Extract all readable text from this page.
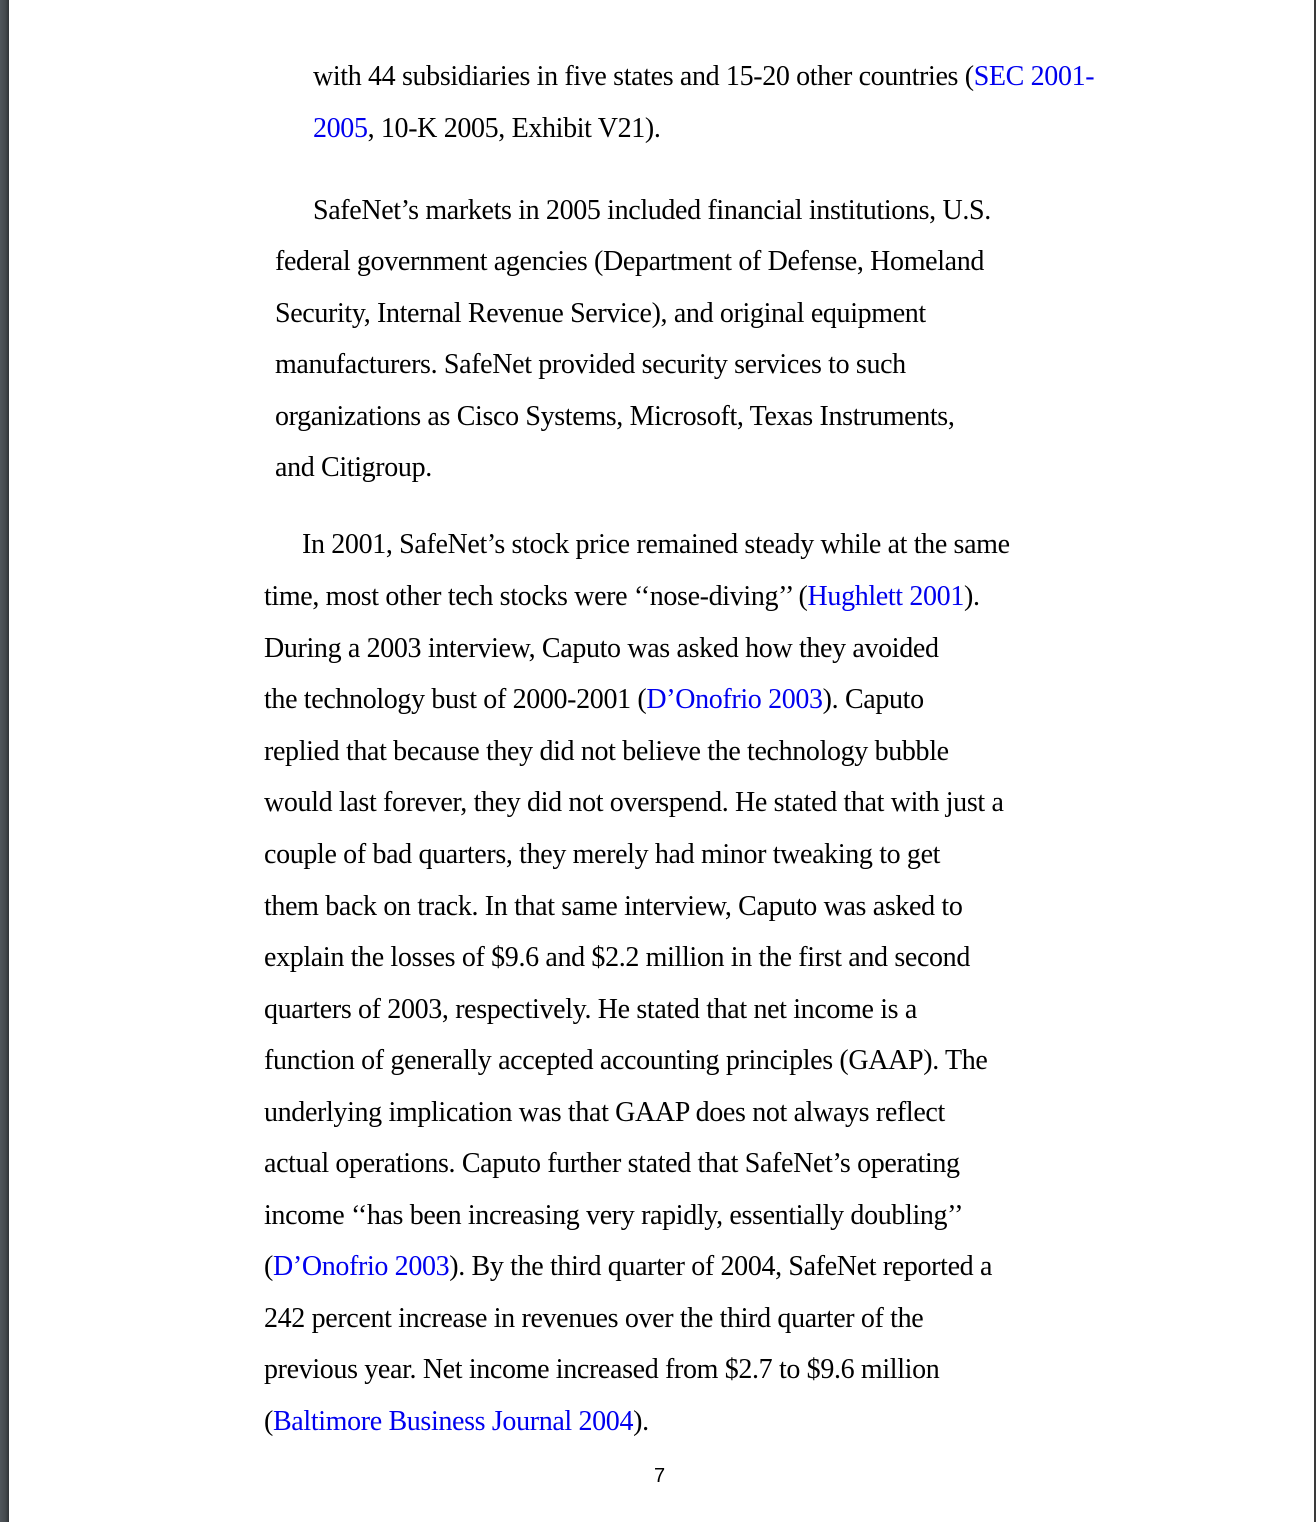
with 44 subsidiaries in five states and 15-20 other countries (SEC 2001-
2005, 10-K 2005, Exhibit V21).
SafeNet’s markets in 2005 included financial institutions, U.S.
federal government agencies (Department of Defense, Homeland
Security, Internal Revenue Service), and original equipment
manufacturers. SafeNet provided security services to such
organizations as Cisco Systems, Microsoft, Texas Instruments,
and Citigroup.
In 2001, SafeNet’s stock price remained steady while at the same
time, most other tech stocks were ‘‘nose-diving’’ (Hughlett 2001).
During a 2003 interview, Caputo was asked how they avoided
the technology bust of 2000-2001 (D’Onofrio 2003). Caputo
replied that because they did not believe the technology bubble
would last forever, they did not overspend. He stated that with just a
couple of bad quarters, they merely had minor tweaking to get
them back on track. In that same interview, Caputo was asked to
explain the losses of $9.6 and $2.2 million in the first and second
quarters of 2003, respectively. He stated that net income is a
function of generally accepted accounting principles (GAAP). The
underlying implication was that GAAP does not always reflect
actual operations. Caputo further stated that SafeNet’s operating
income ‘‘has been increasing very rapidly, essentially doubling’’
(D’Onofrio 2003). By the third quarter of 2004, SafeNet reported a
242 percent increase in revenues over the third quarter of the
previous year. Net income increased from $2.7 to $9.6 million
(Baltimore Business Journal 2004).
7
